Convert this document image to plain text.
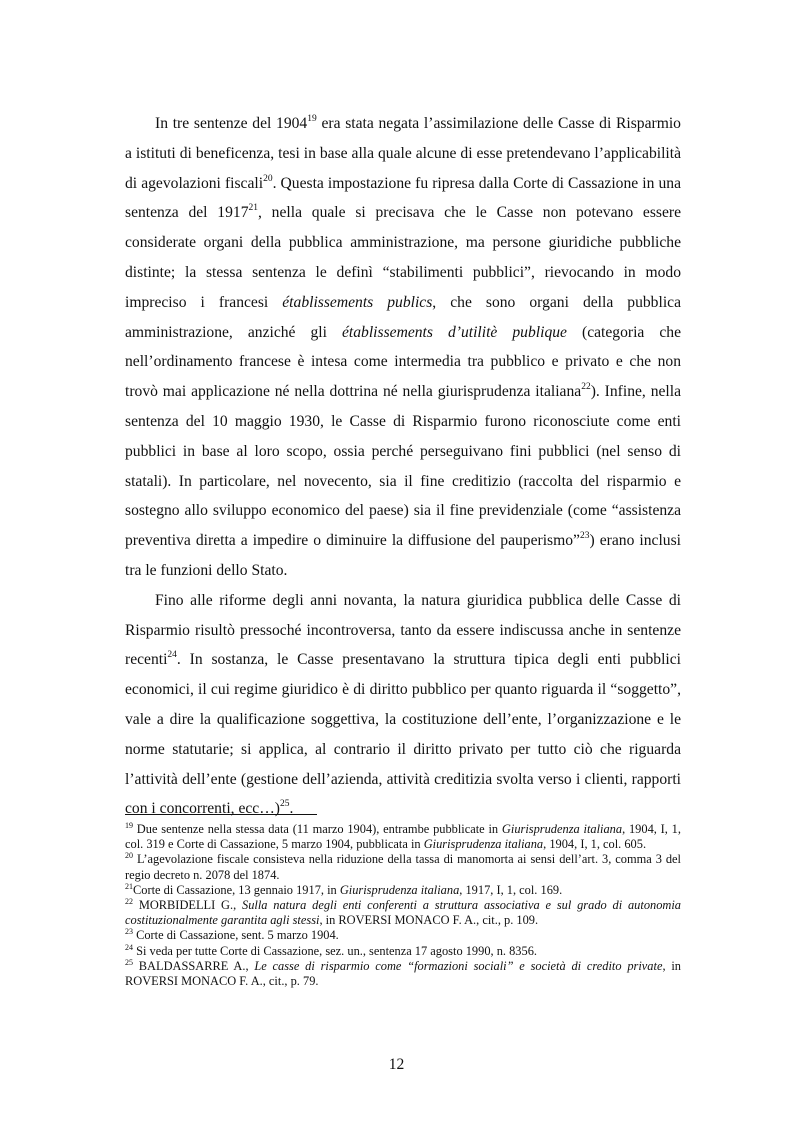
In tre sentenze del 1904$^{19}$ era stata negata l’assimilazione delle Casse di Risparmio a istituti di beneficenza, tesi in base alla quale alcune di esse pretendevano l’applicabilità di agevolazioni fiscali$^{20}$. Questa impostazione fu ripresa dalla Corte di Cassazione in una sentenza del 1917$^{21}$, nella quale si precisava che le Casse non potevano essere considerate organi della pubblica amministrazione, ma persone giuridiche pubbliche distinte; la stessa sentenza le definì “stabilimenti pubblici”, rievocando in modo impreciso i francesi établissements publics, che sono organi della pubblica amministrazione, anziché gli établissements d’utilitè publique (categoria che nell’ordinamento francese è intesa come intermedia tra pubblico e privato e che non trovò mai applicazione né nella dottrina né nella giurisprudenza italiana$^{22}$). Infine, nella sentenza del 10 maggio 1930, le Casse di Risparmio furono riconosciute come enti pubblici in base al loro scopo, ossia perché perseguivano fini pubblici (nel senso di statali). In particolare, nel novecento, sia il fine creditizio (raccolta del risparmio e sostegno allo sviluppo economico del paese) sia il fine previdenziale (come “assistenza preventiva diretta a impedire o diminuire la diffusione del pauperismo”$^{23}$) erano inclusi tra le funzioni dello Stato.

Fino alle riforme degli anni novanta, la natura giuridica pubblica delle Casse di Risparmio risultò pressoché incontroversa, tanto da essere indiscussa anche in sentenze recenti$^{24}$. In sostanza, le Casse presentavano la struttura tipica degli enti pubblici economici, il cui regime giuridico è di diritto pubblico per quanto riguarda il “soggetto”, vale a dire la qualificazione soggettiva, la costituzione dell’ente, l’organizzazione e le norme statutarie; si applica, al contrario il diritto privato per tutto ciò che riguarda l’attività dell’ente (gestione dell’azienda, attività creditizia svolta verso i clienti, rapporti con i concorrenti, ecc…)$^{25}$.

$^{19}$ Due sentenze nella stessa data (11 marzo 1904), entrambe pubblicate in Giurisprudenza italiana, 1904, I, 1, col. 319 e Corte di Cassazione, 5 marzo 1904, pubblicata in Giurisprudenza italiana, 1904, I, 1, col. 605.
$^{20}$ L’agevolazione fiscale consisteva nella riduzione della tassa di manomorta ai sensi dell’art. 3, comma 3 del regio decreto n. 2078 del 1874.
$^{21}$Corte di Cassazione, 13 gennaio 1917, in Giurisprudenza italiana, 1917, I, 1, col. 169.
$^{22}$ MORBIDELLI G., Sulla natura degli enti conferenti a struttura associativa e sul grado di autonomia costituzionalmente garantita agli stessi, in ROVERSI MONACO F. A., cit., p. 109.
$^{23}$ Corte di Cassazione, sent. 5 marzo 1904.
$^{24}$ Si veda per tutte Corte di Cassazione, sez. un., sentenza 17 agosto 1990, n. 8356.
$^{25}$ BALDASSARRE A., Le casse di risparmio come “formazioni sociali” e società di credito private, in ROVERSI MONACO F. A., cit., p. 79.
12
